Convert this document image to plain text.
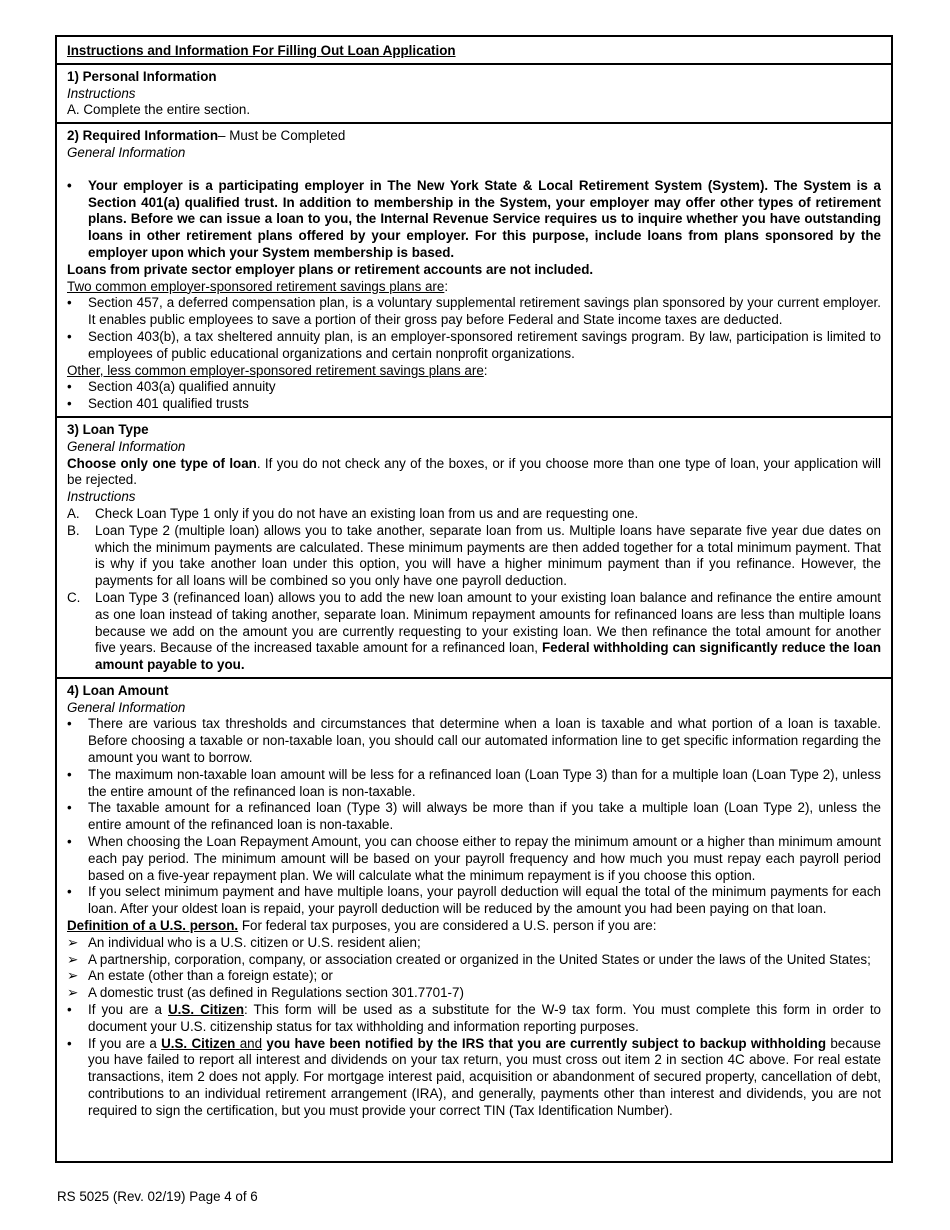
Instructions and Information For Filling Out Loan Application

1) Personal Information

Instructions

A. Complete the entire section.

2) Required Information– Must be Completed

General Information

• Your employer is a participating employer in The New York State & Local Retirement System (System). The System is a Section 401(a) qualified trust. In addition to membership in the System, your employer may offer other types of retirement plans. Before we can issue a loan to you, the Internal Revenue Service requires us to inquire whether you have outstanding loans in other retirement plans offered by your employer. For this purpose, include loans from plans sponsored by the employer upon which your System membership is based.

Loans from private sector employer plans or retirement accounts are not included.

Two common employer-sponsored retirement savings plans are:

• Section 457, a deferred compensation plan, is a voluntary supplemental retirement savings plan sponsored by your current employer. It enables public employees to save a portion of their gross pay before Federal and State income taxes are deducted.
• Section 403(b), a tax sheltered annuity plan, is an employer-sponsored retirement savings program. By law, participation is limited to employees of public educational organizations and certain nonprofit organizations.

Other, less common employer-sponsored retirement savings plans are:

• Section 403(a) qualified annuity
• Section 401 qualified trusts

3) Loan Type

General Information

Choose only one type of loan. If you do not check any of the boxes, or if you choose more than one type of loan, your application will be rejected.

Instructions

A. Check Loan Type 1 only if you do not have an existing loan from us and are requesting one.
B. Loan Type 2 (multiple loan) allows you to take another, separate loan from us. Multiple loans have separate five year due dates on which the minimum payments are calculated. These minimum payments are then added together for a total minimum payment. That is why if you take another loan under this option, you will have a higher minimum payment than if you refinance. However, the payments for all loans will be combined so you only have one payroll deduction.
C. Loan Type 3 (refinanced loan) allows you to add the new loan amount to your existing loan balance and refinance the entire amount as one loan instead of taking another, separate loan. Minimum repayment amounts for refinanced loans are less than multiple loans because we add on the amount you are currently requesting to your existing loan. We then refinance the total amount for another five years. Because of the increased taxable amount for a refinanced loan, Federal withholding can significantly reduce the loan amount payable to you.

4) Loan Amount

General Information

• There are various tax thresholds and circumstances that determine when a loan is taxable and what portion of a loan is taxable. Before choosing a taxable or non-taxable loan, you should call our automated information line to get specific information regarding the amount you want to borrow.
• The maximum non-taxable loan amount will be less for a refinanced loan (Loan Type 3) than for a multiple loan (Loan Type 2), unless the entire amount of the refinanced loan is non-taxable.
• The taxable amount for a refinanced loan (Type 3) will always be more than if you take a multiple loan (Loan Type 2), unless the entire amount of the refinanced loan is non-taxable.
• When choosing the Loan Repayment Amount, you can choose either to repay the minimum amount or a higher than minimum amount each pay period. The minimum amount will be based on your payroll frequency and how much you must repay each payroll period based on a five-year repayment plan. We will calculate what the minimum repayment is if you choose this option.
• If you select minimum payment and have multiple loans, your payroll deduction will equal the total of the minimum payments for each loan. After your oldest loan is repaid, your payroll deduction will be reduced by the amount you had been paying on that loan.

Definition of a U.S. person. For federal tax purposes, you are considered a U.S. person if you are:

➢ An individual who is a U.S. citizen or U.S. resident alien;
➢ A partnership, corporation, company, or association created or organized in the United States or under the laws of the United States;
➢ An estate (other than a foreign estate); or
➢ A domestic trust (as defined in Regulations section 301.7701-7)
• If you are a U.S. Citizen: This form will be used as a substitute for the W-9 tax form. You must complete this form in order to document your U.S. citizenship status for tax withholding and information reporting purposes.
• If you are a U.S. Citizen and you have been notified by the IRS that you are currently subject to backup withholding because you have failed to report all interest and dividends on your tax return, you must cross out item 2 in section 4C above. For real estate transactions, item 2 does not apply. For mortgage interest paid, acquisition or abandonment of secured property, cancellation of debt, contributions to an individual retirement arrangement (IRA), and generally, payments other than interest and dividends, you are not required to sign the certification, but you must provide your correct TIN (Tax Identification Number).
RS 5025 (Rev. 02/19) Page 4 of 6
